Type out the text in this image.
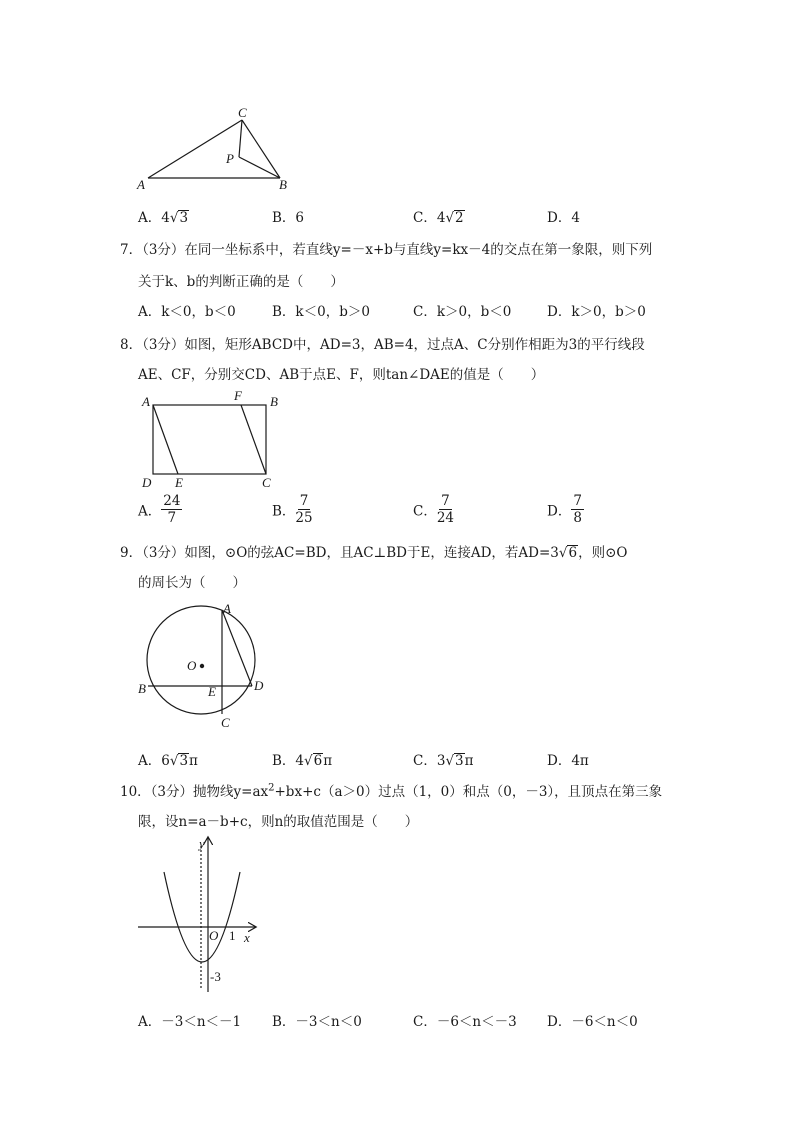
A	B
C
P
A．4√3	B．6	C．4√2	D．4
7．（3分）在同一坐标系中，若直线y=－x+b与直线y=kx－4的交点在第一象限，则下列
关于k、b的判断正确的是（　　）
A．k＜0，b＜0	B．k＜0，b＞0	C．k＞0，b＜0	D．k＞0，b＞0
8．（3分）如图，矩形ABCD中，AD=3，AB=4，过点A、C分别作相距为3的平行线段
AE、CF，分别交CD、AB于点E、F，则tan∠DAE的值是（　　）
A	B
F
D E	C
A． $\frac{24}{7}$	B． $\frac{7}{25}$	C． $\frac{7}{24}$	D． $\frac{7}{8}$
9．（3分）如图，⊙O的弦AC=BD，且AC⊥BD于E，连接AD，若AD=3√6，则⊙O
的周长为（　　）
O
A
B	E	D
C
A．6√3π	B．4√6π	C．3√3π	D．4π
10．（3分）抛物线$y=ax^2+bx+c(a>0)$过点（1，0）和点（0，－3），且顶点在第三象
限，设n=a－b+c，则n的取值范围是（　　）
y
x
O 1
-3
A．－3＜n＜－1 B．－3＜n＜0	C．－6＜n＜－3 D．－6＜n＜0
